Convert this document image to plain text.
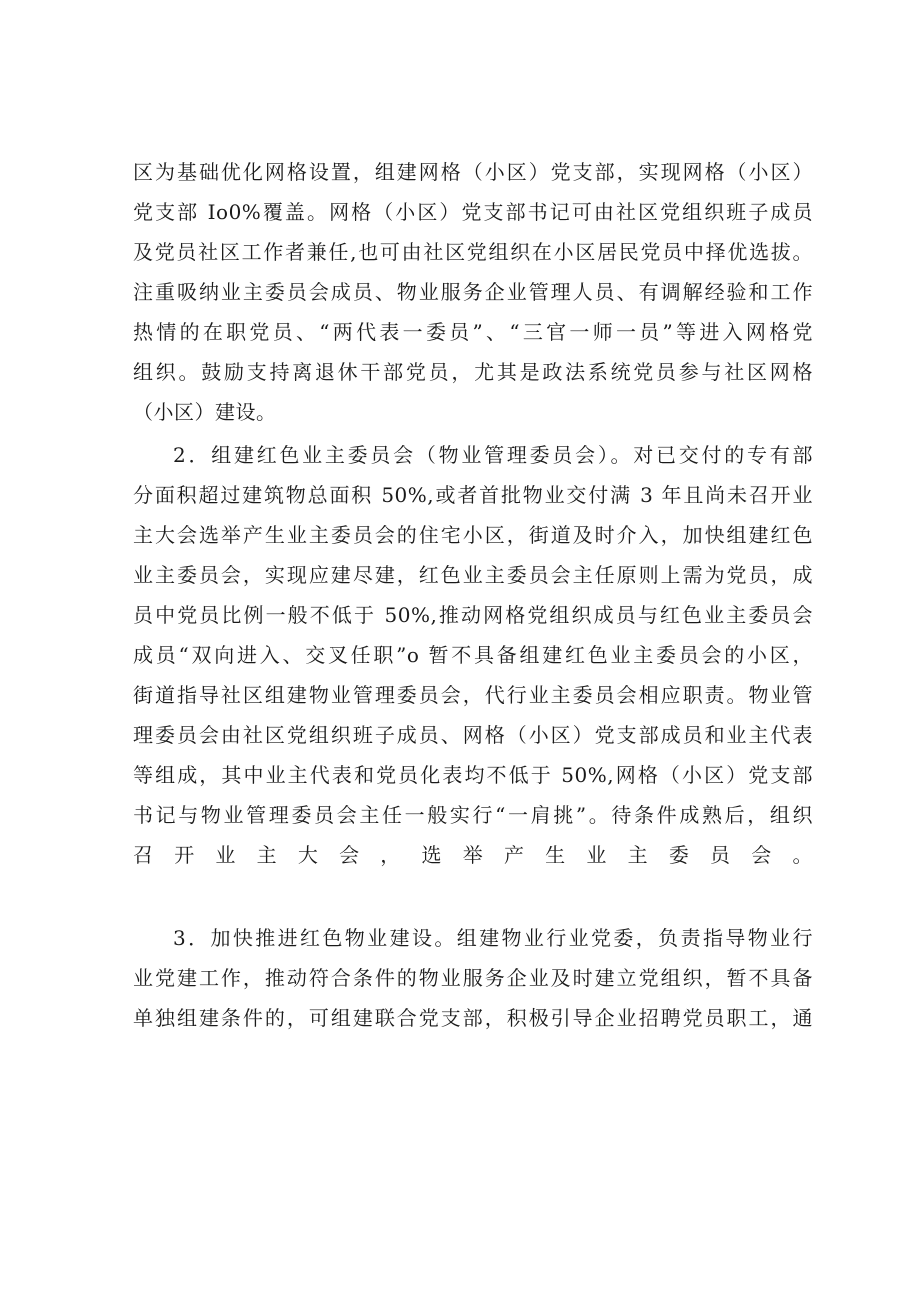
区为基础优化网格设置，组建网格（小区）党支部，实现网格（小区）
党支部 Io0%覆盖。网格（小区）党支部书记可由社区党组织班子成员
及党员社区工作者兼任,也可由社区党组织在小区居民党员中择优选拔。
注重吸纳业主委员会成员、物业服务企业管理人员、有调解经验和工作
热情的在职党员、“两代表一委员”、“三官一师一员”等进入网格党
组织。鼓励支持离退休干部党员，尤其是政法系统党员参与社区网格
（小区）建设。
2．组建红色业主委员会（物业管理委员会）。对已交付的专有部
分面积超过建筑物总面积 50%,或者首批物业交付满 3 年且尚未召开业
主大会选举产生业主委员会的住宅小区，街道及时介入，加快组建红色
业主委员会，实现应建尽建，红色业主委员会主任原则上需为党员，成
员中党员比例一般不低于 50%,推动网格党组织成员与红色业主委员会
成员“双向进入、交叉任职”o 暂不具备组建红色业主委员会的小区，
街道指导社区组建物业管理委员会，代行业主委员会相应职责。物业管
理委员会由社区党组织班子成员、网格（小区）党支部成员和业主代表
等组成，其中业主代表和党员化表均不低于 50%,网格（小区）党支部
书记与物业管理委员会主任一般实行“一肩挑”。待条件成熟后，组织
召开业主大会，选举产生业主委员会。
3．加快推进红色物业建设。组建物业行业党委，负责指导物业行
业党建工作，推动符合条件的物业服务企业及时建立党组织，暂不具备
单独组建条件的，可组建联合党支部，积极引导企业招聘党员职工，通
